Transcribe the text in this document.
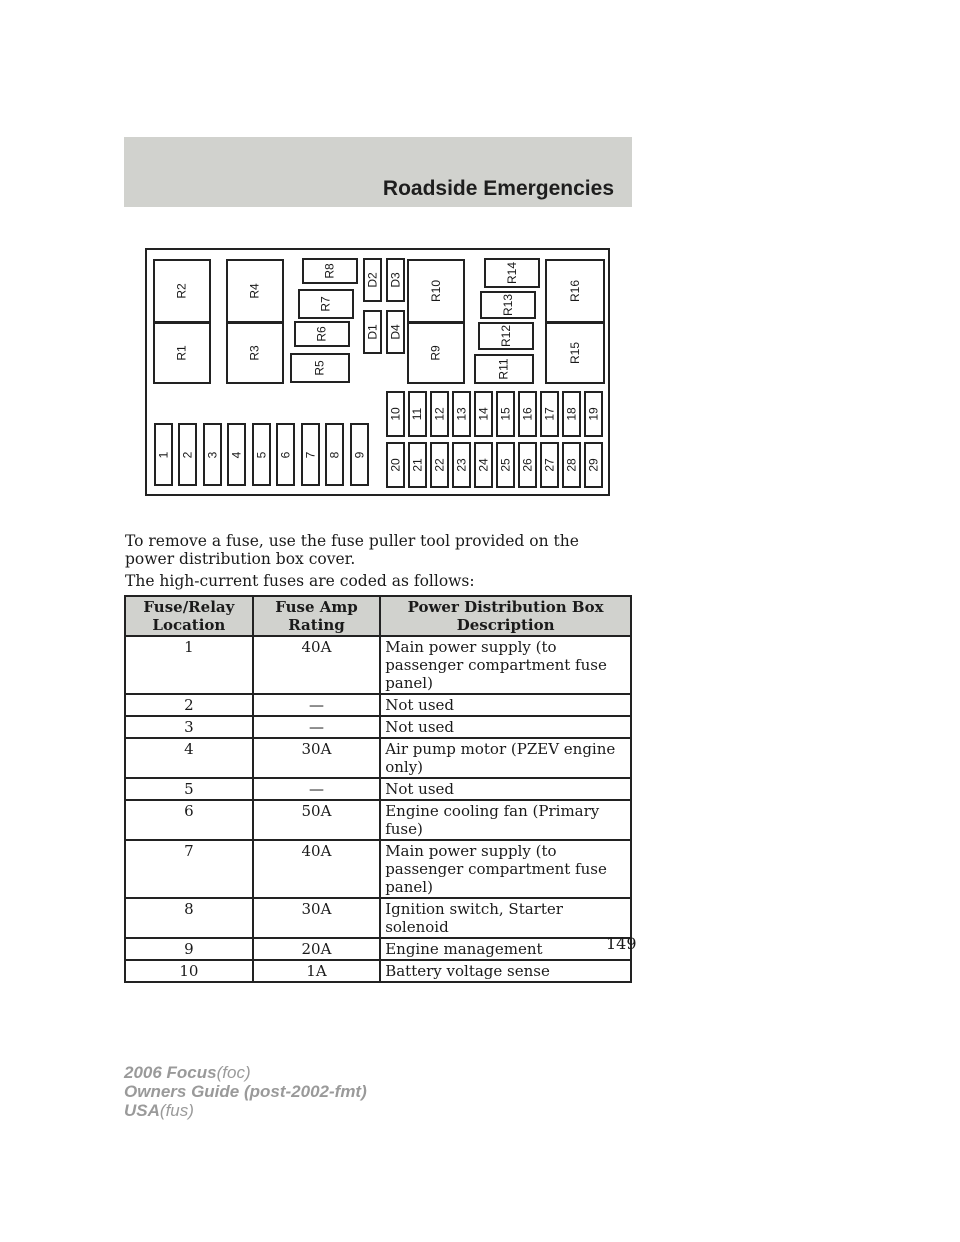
Roadside Emergencies
R2
R1
R4
R3
R8
R7
R6
R5
D2
D1
D3
D4
R10
R9
R14
R13
R12
R11
R16
R15
1 2 3 4 5 6 7 8 9
10 11 12 13 14 15 16 17 18 19
20 21 22 23 24 25 26 27 28 29

To remove a fuse, use the fuse puller tool provided on the power distribution box cover.

The high-current fuses are coded as follows:

Fuse/Relay Location	Fuse Amp Rating	Power Distribution Box Description
1	40A	Main power supply (to passenger compartment fuse panel)
2	—	Not used
3	—	Not used
4	30A	Air pump motor (PZEV engine only)
5	—	Not used
6	50A	Engine cooling fan (Primary fuse)
7	40A	Main power supply (to passenger compartment fuse panel)
8	30A	Ignition switch, Starter solenoid
9	20A	Engine management
10	1A	Battery voltage sense
149
2006 Focus(foc)
Owners Guide (post-2002-fmt)
USA(fus)
